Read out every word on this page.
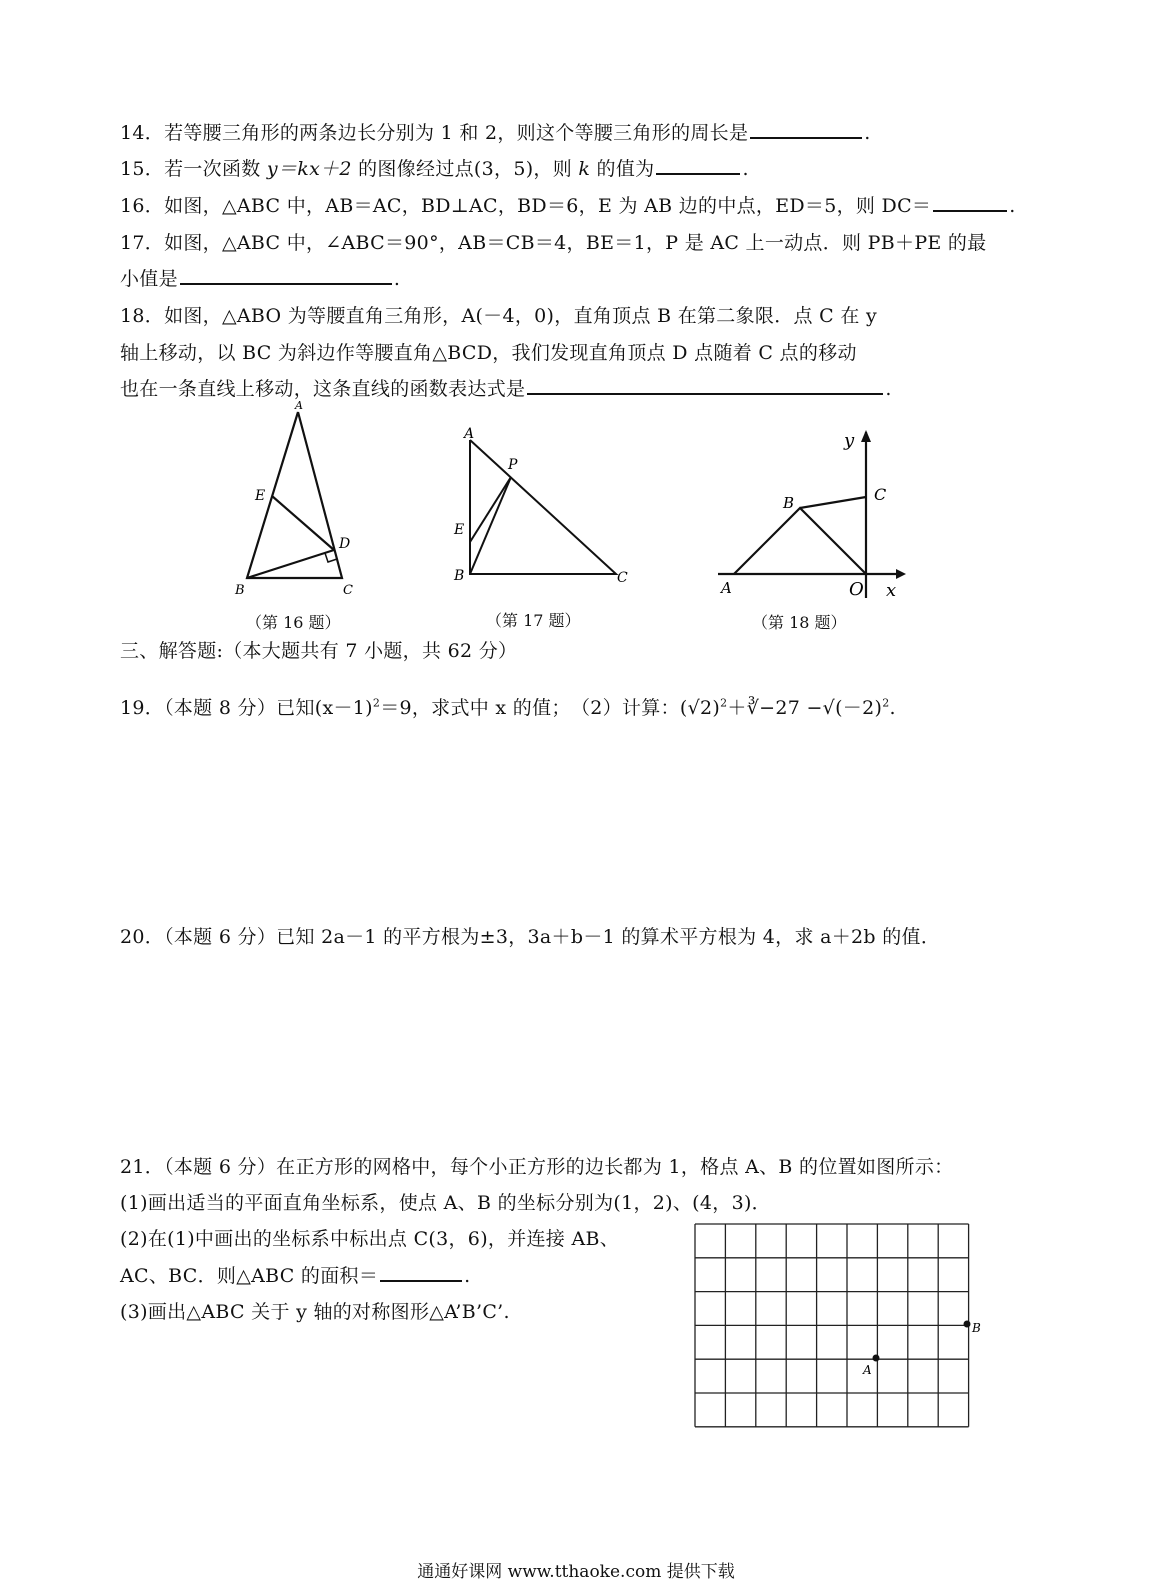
14．若等腰三角形的两条边长分别为 1 和 2，则这个等腰三角形的周长是	.
15．若一次函数 y＝kx＋2 的图像经过点(3，5)，则 k 的值为	.
16．如图，△ABC 中，AB＝AC，BD⊥AC，BD＝6，E 为 AB 边的中点，ED＝5，则 DC＝	.
17．如图，△ABC 中，∠ABC＝90°，AB＝CB＝4，BE＝1，P 是 AC 上一动点．则 PB＋PE 的最
小值是	.
18．如图，△ABO 为等腰直角三角形，A(－4，0)，直角顶点 B 在第二象限．点 C 在 y
轴上移动，以 BC 为斜边作等腰直角△BCD，我们发现直角顶点 D 点随着 C 点的移动
也在一条直线上移动，这条直线的函数表达式是	.
A
E
D
B	C
（第 16 题）
A
P
E
B	C
（第 17 题）
y
C
B
A	O x
（第 18 题）
三、解答题:（本大题共有 7 小题，共 62 分）
19．（本题 8 分）已知$(x-1)^2=9$，求式中 x 的值；　（2）计算：$(√2)^2+∛-27 -√(-2)^2$.
20．（本题 6 分）已知 2a－1 的平方根为±3，3a＋b－1 的算术平方根为 4，求 a＋2b 的值．
21．（本题 6 分）在正方形的网格中，每个小正方形的边长都为 1，格点 A、B 的位置如图所示：
(1)画出适当的平面直角坐标系，使点 A、B 的坐标分别为(1，2)、(4，3)．
(2)在(1)中画出的坐标系中标出点 C(3，6)，并连接 AB、
AC、BC．则△ABC 的面积＝	.
(3)画出△ABC 关于 y 轴的对称图形△A’B’C’.
A
B
通通好课网 www.tthaoke.com 提供下载
